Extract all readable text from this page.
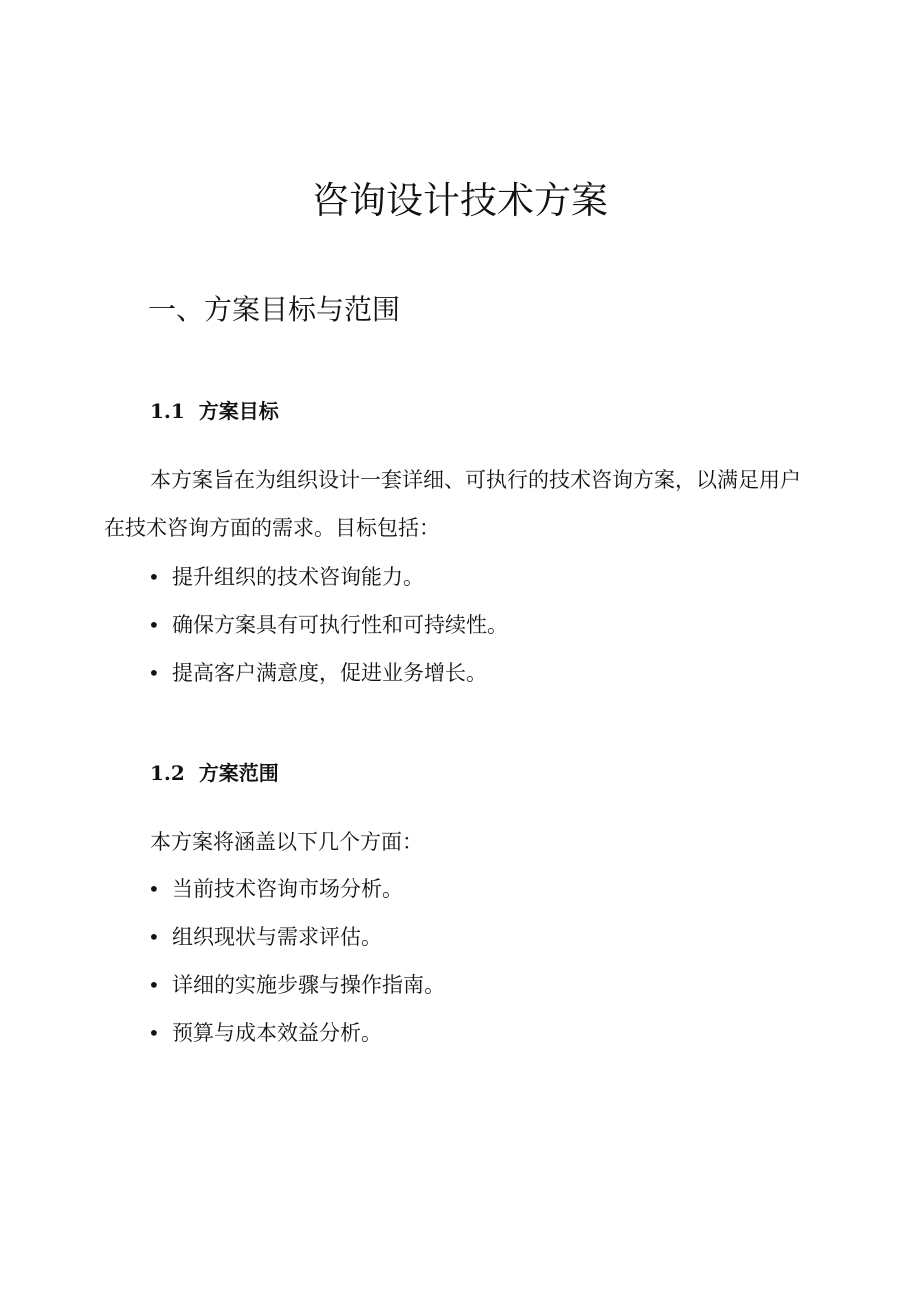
咨询设计技术方案
一、方案目标与范围
1.1 方案目标

本方案旨在为组织设计一套详细、可执行的技术咨询方案，以满足用户在技术咨询方面的需求。目标包括：

• 提升组织的技术咨询能力。
• 确保方案具有可执行性和可持续性。
• 提高客户满意度，促进业务增长。
1.2 方案范围

本方案将涵盖以下几个方面：

• 当前技术咨询市场分析。
• 组织现状与需求评估。
• 详细的实施步骤与操作指南。
• 预算与成本效益分析。
